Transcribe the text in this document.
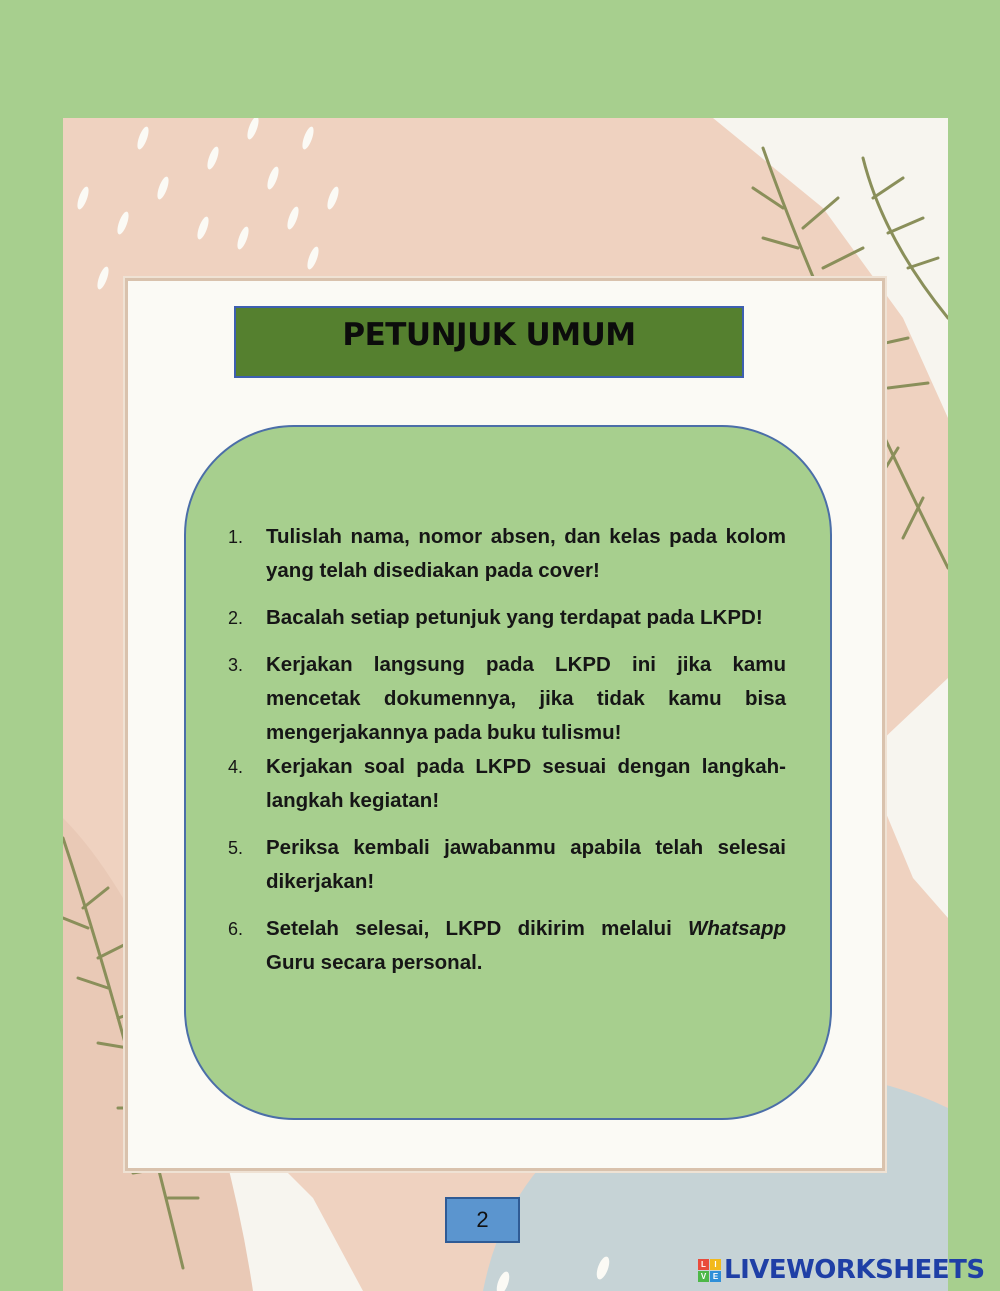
PETUNJUK UMUM
1. Tulislah nama, nomor absen, dan kelas pada kolom yang telah disediakan pada cover!
2. Bacalah setiap petunjuk yang terdapat pada LKPD!
3. Kerjakan langsung pada LKPD ini jika kamu mencetak dokumennya, jika tidak kamu bisa mengerjakannya pada buku tulismu!
4. Kerjakan soal pada LKPD sesuai dengan langkah-langkah kegiatan!
5. Periksa kembali jawabanmu apabila telah selesai dikerjakan!
6. Setelah selesai, LKPD dikirim melalui Whatsapp Guru secara personal.
2
L	I
V E LIVEWORKSHEETS
